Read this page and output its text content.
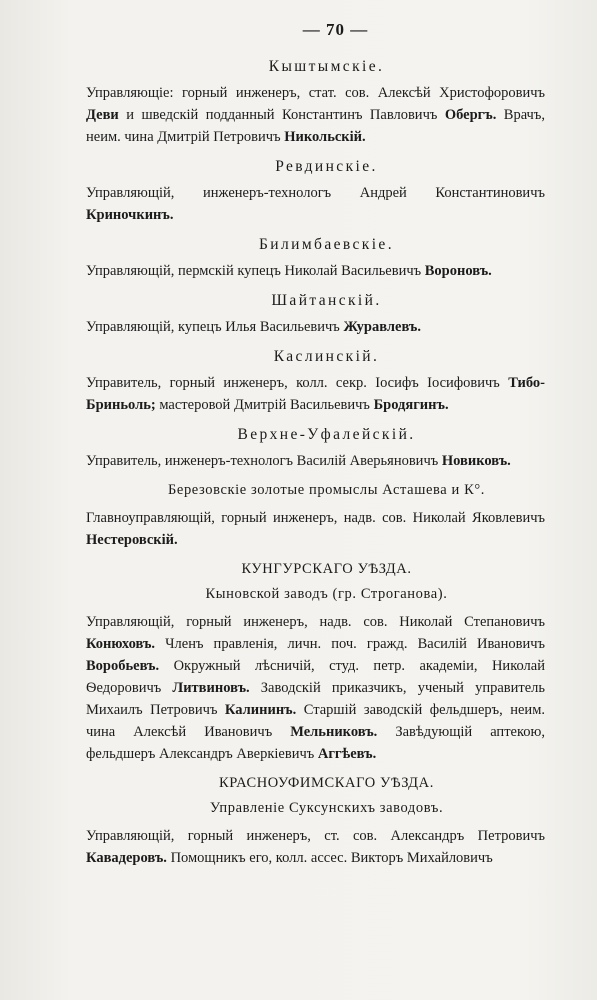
— 70 —
Кыштымскіе.
Управляющіе: горный инженеръ, стат. сов. Алексѣй Христофоровичъ Деви и шведскій подданный Константинъ Павловичъ Обергъ. Врачъ, неим. чина Дмитрій Петровичъ Никольскій.
Ревдинскіе.
Управляющій, инженеръ-технологъ Андрей Константиновичъ Криночкинъ.
Билимбаевскіе.
Управляющій, пермскій купецъ Николай Васильевичъ Вороновъ.
Шайтанскій.
Управляющій, купецъ Илья Васильевичъ Журавлевъ.
Каслинскій.
Управитель, горный инженеръ, колл. секр. Іосифъ Іосифовичъ Тибо-Бриньоль; мастеровой Дмитрій Васильевичъ Бродягинъ.
Верхне-Уфалейскій.
Управитель, инженеръ-технологъ Василій Аверьяновичъ Новиковъ.
Березовскіе золотые промыслы Асташева и К°.
Главноуправляющій, горный инженеръ, надв. сов. Николай Яковлевичъ Нестеровскій.
КУНГУРСКАГО УѢЗДА.
Кыновской заводъ (гр. Строганова).
Управляющій, горный инженеръ, надв. сов. Николай Степановичъ Конюховъ. Членъ правленія, личн. поч. гражд. Василій Ивановичъ Воробьевъ. Окружный лѣсничій, студ. петр. академіи, Николай Ѳедоровичъ Литвиновъ. Заводскій приказчикъ, ученый управитель Михаилъ Петровичъ Калининъ. Старшій заводскій фельдшеръ, неим. чина Алексѣй Ивановичъ Мельниковъ. Завѣдующій аптекою, фельдшеръ Александръ Аверкіевичъ Аггѣевъ.
КРАСНОУФИМСКАГО УѢЗДА.
Управленіе Суксунскихъ заводовъ.
Управляющій, горный инженеръ, ст. сов. Александръ Петровичъ Кавадеровъ. Помощникъ его, колл. ассес. Викторъ Михайловичъ
